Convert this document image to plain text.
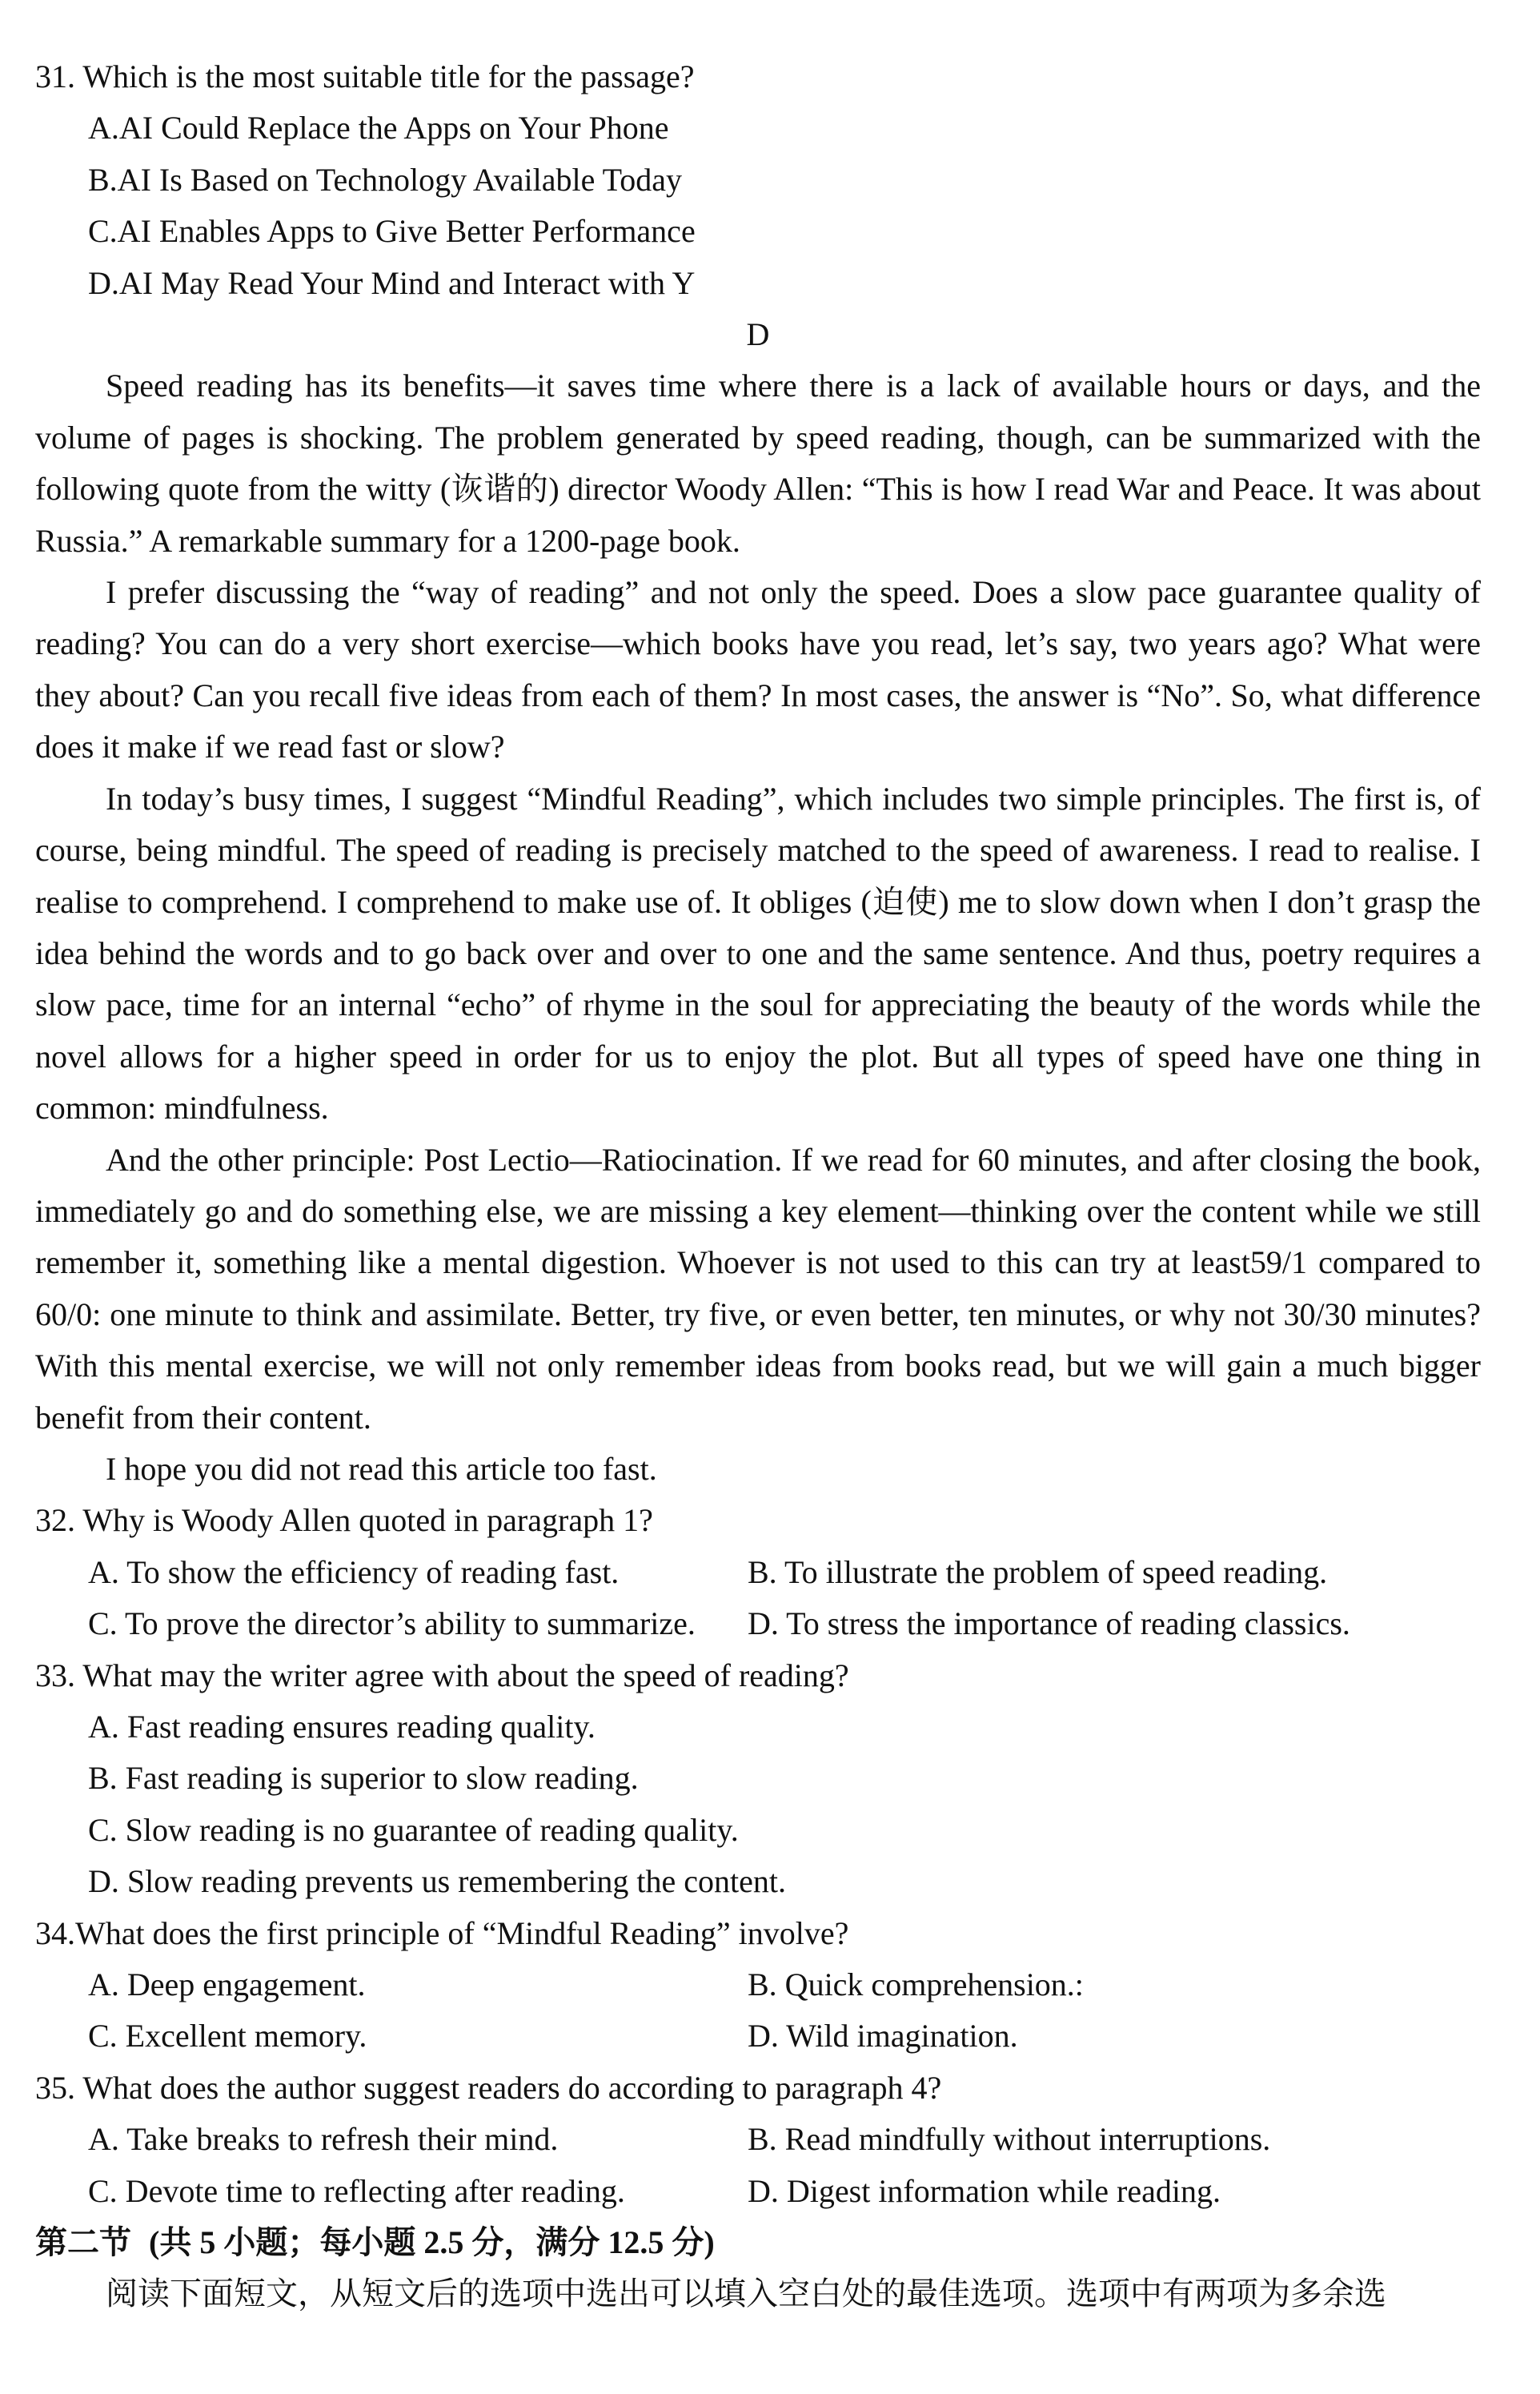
31. Which is the most suitable title for the passage?
A.AI Could Replace the Apps on Your Phone
B.AI Is Based on Technology Available Today
C.AI Enables Apps to Give Better Performance
D.AI May Read Your Mind and Interact with Y
D

Speed reading has its benefits—it saves time where there is a lack of available hours or days, and the volume of pages is shocking. The problem generated by speed reading, though, can be summarized with the following quote from the witty (诙谐的) director Woody Allen: “This is how I read War and Peace. It was about Russia.” A remarkable summary for a 1200-page book.

I prefer discussing the “way of reading” and not only the speed. Does a slow pace guarantee quality of reading? You can do a very short exercise—which books have you read, let’s say, two years ago? What were they about? Can you recall five ideas from each of them? In most cases, the answer is “No”. So, what difference does it make if we read fast or slow?

In today’s busy times, I suggest “Mindful Reading”, which includes two simple principles. The first is, of course, being mindful. The speed of reading is precisely matched to the speed of awareness. I read to realise. I realise to comprehend. I comprehend to make use of. It obliges (迫使) me to slow down when I don’t grasp the idea behind the words and to go back over and over to one and the same sentence. And thus, poetry requires a slow pace, time for an internal “echo” of rhyme in the soul for appreciating the beauty of the words while the novel allows for a higher speed in order for us to enjoy the plot. But all types of speed have one thing in common: mindfulness.

And the other principle: Post Lectio—Ratiocination. If we read for 60 minutes, and after closing the book, immediately go and do something else, we are missing a key element—thinking over the content while we still remember it, something like a mental digestion. Whoever is not used to this can try at least59/1 compared to 60/0: one minute to think and assimilate. Better, try five, or even better, ten minutes, or why not 30/30 minutes? With this mental exercise, we will not only remember ideas from books read, but we will gain a much bigger benefit from their content.

I hope you did not read this article too fast.

32. Why is Woody Allen quoted in paragraph 1?
A. To show the efficiency of reading fast.	B. To illustrate the problem of speed reading.
C. To prove the director’s ability to summarize.	D. To stress the importance of reading classics.
33. What may the writer agree with about the speed of reading?
A. Fast reading ensures reading quality.
B. Fast reading is superior to slow reading.
C. Slow reading is no guarantee of reading quality.
D. Slow reading prevents us remembering the content.
34.What does the first principle of “Mindful Reading” involve?
A. Deep engagement.	B. Quick comprehension.:
C. Excellent memory.	D. Wild imagination.
35. What does the author suggest readers do according to paragraph 4?
A. Take breaks to refresh their mind.	B. Read mindfully without interruptions.
C. Devote time to reflecting after reading.	D. Digest information while reading.
第二节 (共 5 小题；每小题 2.5 分，满分 12.5 分)
阅读下面短文，从短文后的选项中选出可以填入空白处的最佳选项。选项中有两项为多余选
